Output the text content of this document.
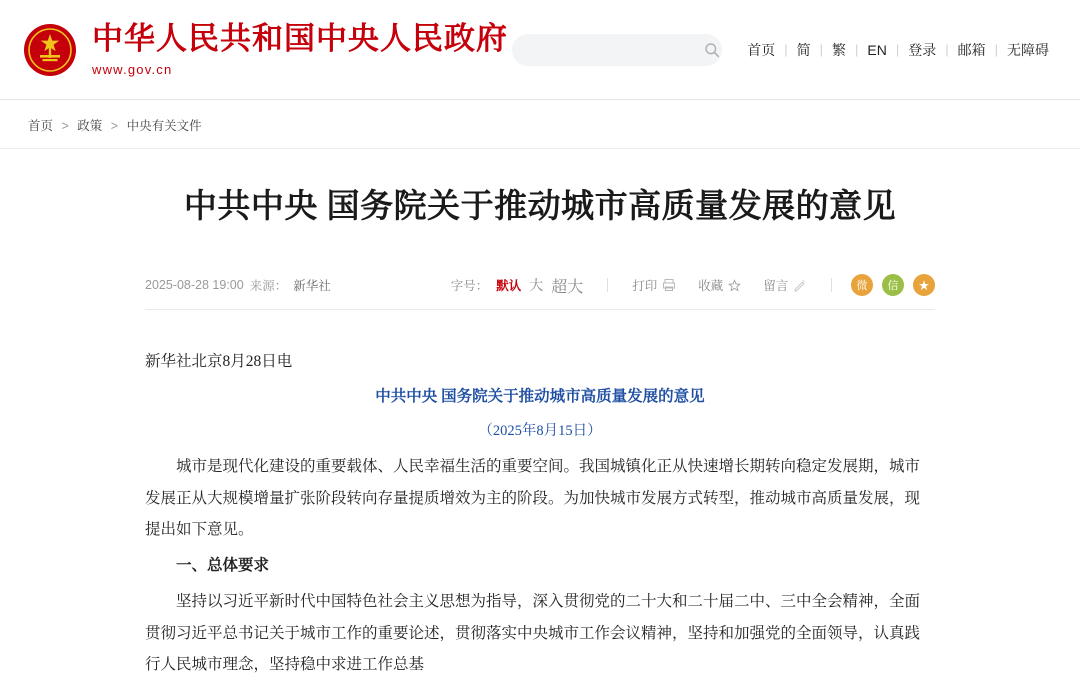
中华人民共和国中央人民政府
www.gov.cn
首页 | 简 | 繁 | EN | 登录 | 邮箱 | 无障碍
首页 > 政策 > 中央有关文件
中共中央 国务院关于推动城市高质量发展的意见
2025-08-28 19:00 来源： 新华社	字号： 默认 大 超大	打印	收藏	留言	微	信	★

新华社北京8月28日电

中共中央 国务院关于推动城市高质量发展的意见

（2025年8月15日）

城市是现代化建设的重要载体、人民幸福生活的重要空间。我国城镇化正从快速增长期转向稳定发展期，城市发展正从大规模增量扩张阶段转向存量提质增效为主的阶段。为加快城市发展方式转型，推动城市高质量发展，现提出如下意见。

一、总体要求

坚持以习近平新时代中国特色社会主义思想为指导，深入贯彻党的二十大和二十届二中、三中全会精神，全面贯彻习近平总书记关于城市工作的重要论述，贯彻落实中央城市工作会议精神，坚持和加强党的全面领导，认真践行人民城市理念，坚持稳中求进工作总基
